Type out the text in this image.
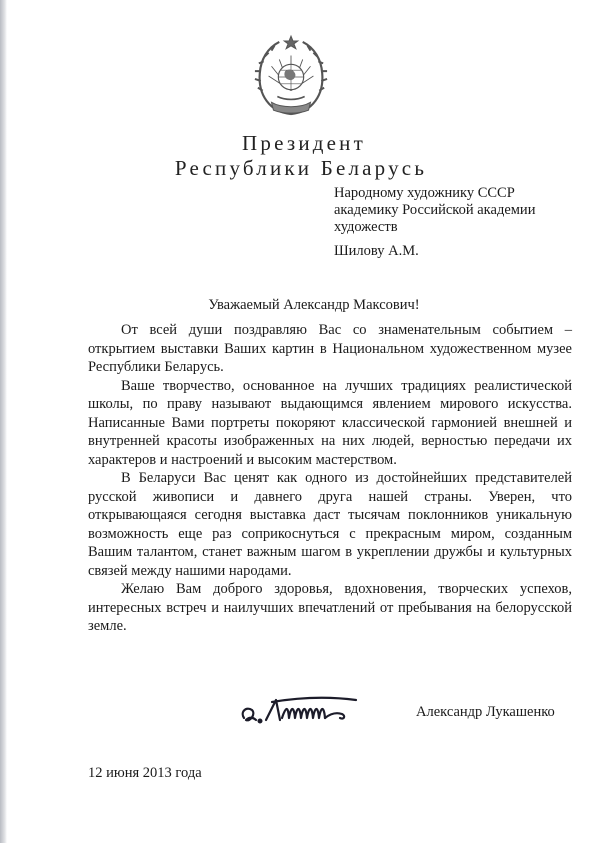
Президент
Республики Беларусь
Народному художнику СССР
академику Российской академии
художеств
Шилову А.М.
Уважаемый Александр Максович!

От всей души поздравляю Вас со знаменательным событием – открытием выставки Ваших картин в Национальном художественном музее Республики Беларусь.

Ваше творчество, основанное на лучших традициях реалистической школы, по праву называют выдающимся явлением мирового искусства. Написанные Вами портреты покоряют классической гармонией внешней и внутренней красоты изображенных на них людей, верностью передачи их характеров и настроений и высоким мастерством.

В Беларуси Вас ценят как одного из достойнейших представителей русской живописи и давнего друга нашей страны. Уверен, что открывающаяся сегодня выставка даст тысячам поклонников уникальную возможность еще раз соприкоснуться с прекрасным миром, созданным Вашим талантом, станет важным шагом в укреплении дружбы и культурных связей между нашими народами.

Желаю Вам доброго здоровья, вдохновения, творческих успехов, интересных встреч и наилучших впечатлений от пребывания на белорусской земле.

Александр Лукашенко
12 июня 2013 года
